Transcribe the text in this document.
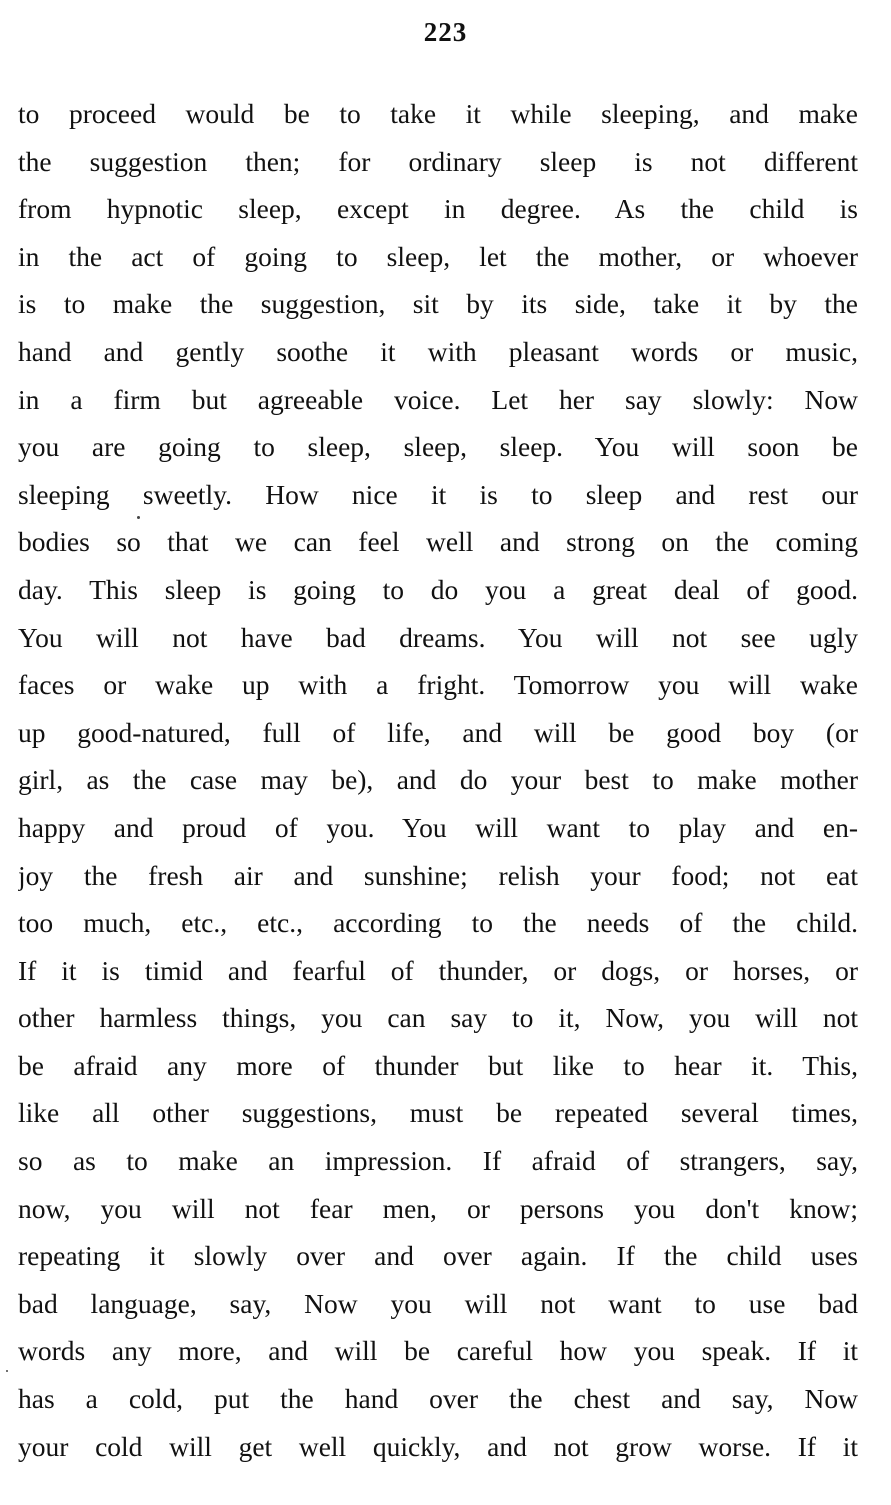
223
to proceed would be to take it while sleeping, and make
the suggestion then; for ordinary sleep is not different
from hypnotic sleep, except in degree. As the child is
in the act of going to sleep, let the mother, or whoever
is to make the suggestion, sit by its side, take it by the
hand and gently soothe it with pleasant words or music,
in a firm but agreeable voice. Let her say slowly: Now
you are going to sleep, sleep, sleep. You will soon be
sleeping sweetly. How nice it is to sleep and rest our
bodies so that we can feel well and strong on the coming
day. This sleep is going to do you a great deal of good.
You will not have bad dreams. You will not see ugly
faces or wake up with a fright. Tomorrow you will wake
up good-natured, full of life, and will be good boy (or
girl, as the case may be), and do your best to make mother
happy and proud of you. You will want to play and en-
joy the fresh air and sunshine; relish your food; not eat
too much, etc., etc., according to the needs of the child.
If it is timid and fearful of thunder, or dogs, or horses, or
other harmless things, you can say to it, Now, you will not
be afraid any more of thunder but like to hear it. This,
like all other suggestions, must be repeated several times,
so as to make an impression. If afraid of strangers, say,
now, you will not fear men, or persons you don't know;
repeating it slowly over and over again. If the child uses
bad language, say, Now you will not want to use bad
words any more, and will be careful how you speak. If it
has a cold, put the hand over the chest and say, Now
your cold will get well quickly, and not grow worse. If it
